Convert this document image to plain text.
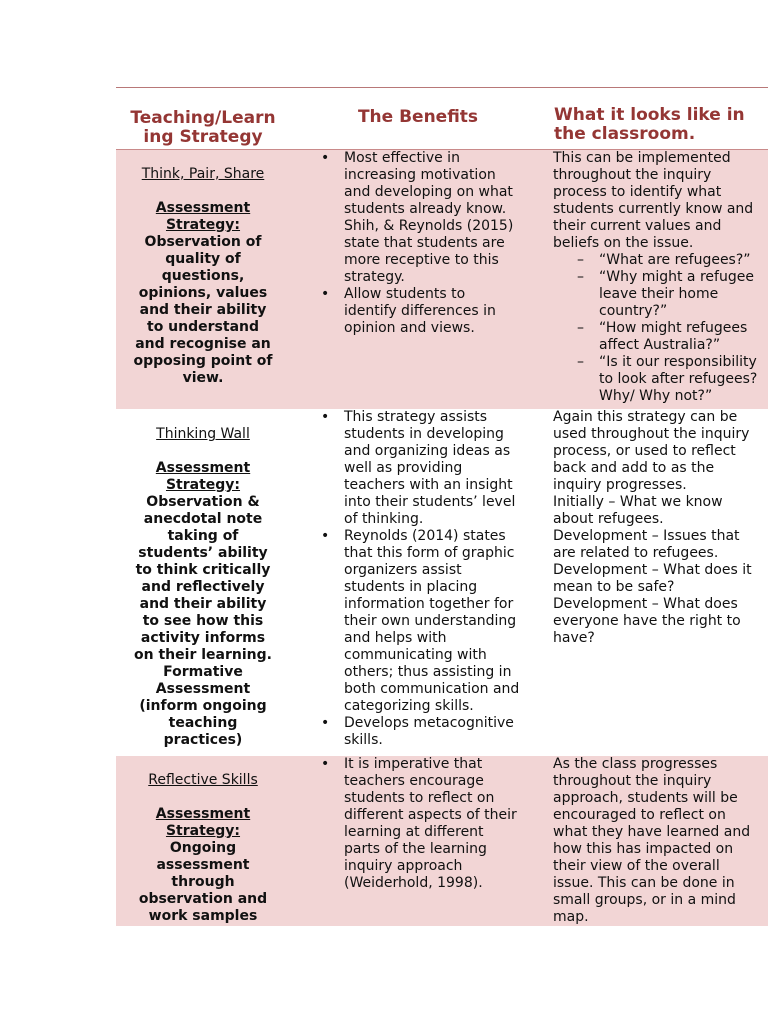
Teaching/Learn
ing Strategy
The Benefits	What it looks like in
the classroom.
Think, Pair, Share
Assessment
Strategy:
Observation of
quality of
questions,
opinions, values
and their ability
to understand
and recognise an
opposing point of
view.
• Most effective in
increasing motivation
and developing on what
students already know.
Shih, & Reynolds (2015)
state that students are
more receptive to this
strategy.
• Allow students to
identify differences in
opinion and views.
This can be implemented
throughout the inquiry
process to identify what
students currently know and
their current values and
beliefs on the issue.
– “What are refugees?”
– “Why might a refugee
leave their home
country?”
– “How might refugees
affect Australia?”
– “Is it our responsibility
to look after refugees?
Why/ Why not?”
Thinking Wall
Assessment
Strategy:
Observation &
anecdotal note
taking of
students’ ability
to think critically
and reflectively
and their ability
to see how this
activity informs
on their learning.
Formative
Assessment
(inform ongoing
teaching
practices)
• This strategy assists
students in developing
and organizing ideas as
well as providing
teachers with an insight
into their students’ level
of thinking.
• Reynolds (2014) states
that this form of graphic
organizers assist
students in placing
information together for
their own understanding
and helps with
communicating with
others; thus assisting in
both communication and
categorizing skills.
• Develops metacognitive
skills.
Again this strategy can be
used throughout the inquiry
process, or used to reflect
back and add to as the
inquiry progresses.
Initially – What we know
about refugees.
Development – Issues that
are related to refugees.
Development – What does it
mean to be safe?
Development – What does
everyone have the right to
have?
Reflective Skills
Assessment
Strategy:
Ongoing
assessment
through
observation and
work samples
• It is imperative that
teachers encourage
students to reflect on
different aspects of their
learning at different
parts of the learning
inquiry approach
(Weiderhold, 1998).
As the class progresses
throughout the inquiry
approach, students will be
encouraged to reflect on
what they have learned and
how this has impacted on
their view of the overall
issue. This can be done in
small groups, or in a mind
map.
